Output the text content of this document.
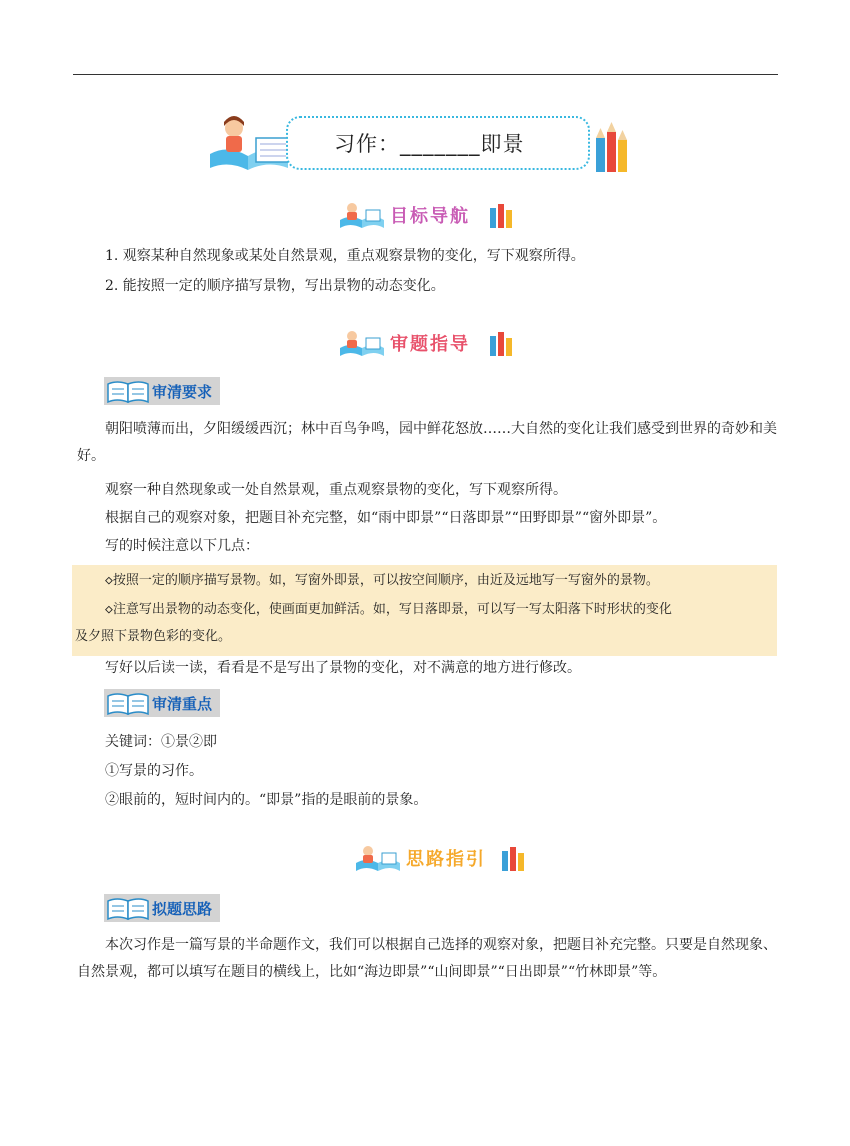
习作：_______即景
目标导航
1. 观察某种自然现象或某处自然景观，重点观察景物的变化，写下观察所得。
2. 能按照一定的顺序描写景物，写出景物的动态变化。
审题指导
审清要求
朝阳喷薄而出，夕阳缓缓西沉；林中百鸟争鸣，园中鲜花怒放……大自然的变化让我们感受到世界的奇妙和美好。
观察一种自然现象或一处自然景观，重点观察景物的变化，写下观察所得。
根据自己的观察对象，把题目补充完整，如“雨中即景”“日落即景”“田野即景”“窗外即景”。
写的时候注意以下几点：
◇按照一定的顺序描写景物。如，写窗外即景，可以按空间顺序，由近及远地写一写窗外的景物。
◇注意写出景物的动态变化，使画面更加鲜活。如，写日落即景，可以写一写太阳落下时形状的变化
及夕照下景物色彩的变化。
写好以后读一读，看看是不是写出了景物的变化，对不满意的地方进行修改。
审清重点
关键词：①景②即
①写景的习作。
②眼前的，短时间内的。“即景”指的是眼前的景象。
思路指引
拟题思路
本次习作是一篇写景的半命题作文，我们可以根据自己选择的观察对象，把题目补充完整。只要是自然现象、自然景观，都可以填写在题目的横线上，比如“海边即景”“山间即景”“日出即景”“竹林即景”等。
